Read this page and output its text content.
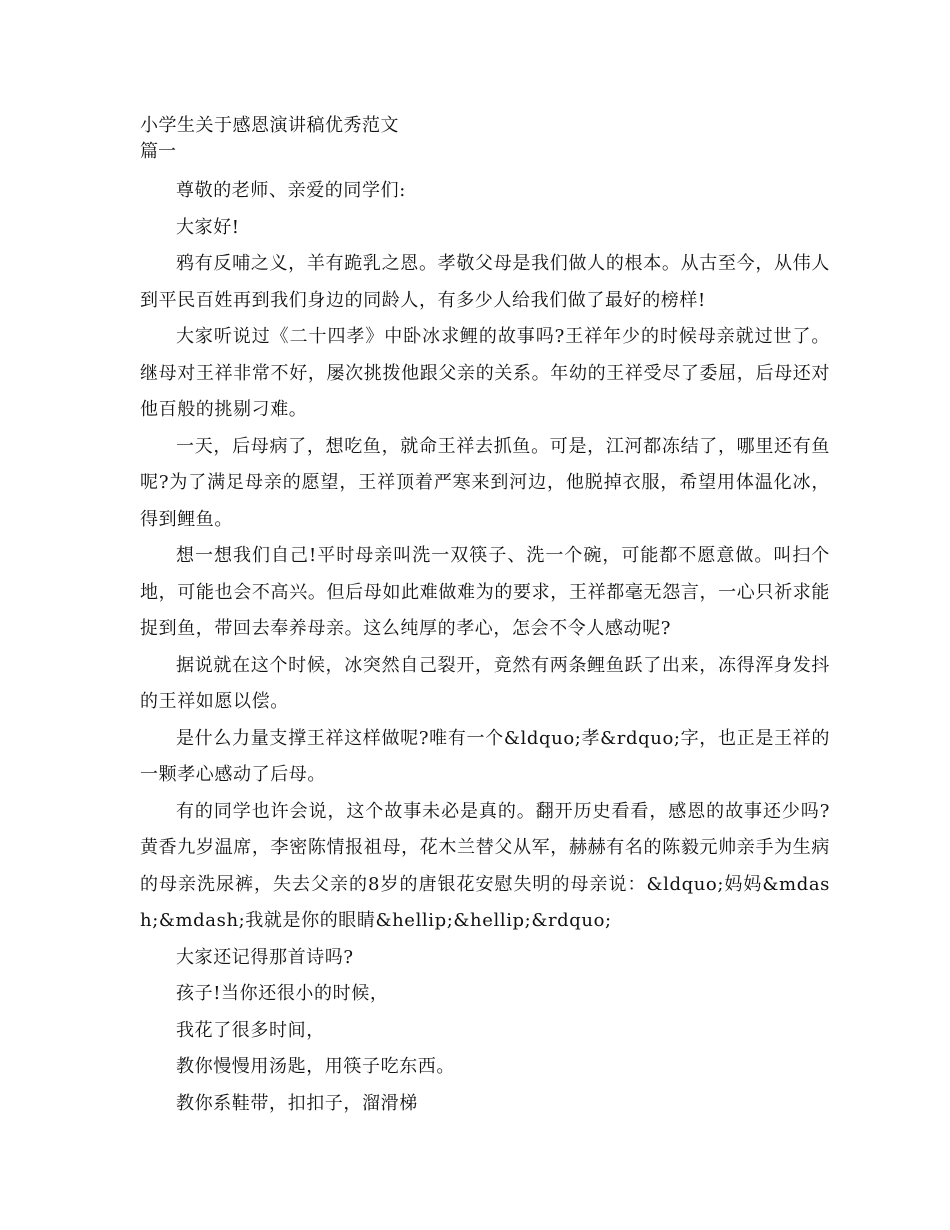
小学生关于感恩演讲稿优秀范文

篇一

尊敬的老师、亲爱的同学们:

大家好!

鸦有反哺之义，羊有跪乳之恩。孝敬父母是我们做人的根本。从古至今，从伟人到平民百姓再到我们身边的同龄人，有多少人给我们做了最好的榜样!

大家听说过《二十四孝》中卧冰求鲤的故事吗?王祥年少的时候母亲就过世了。继母对王祥非常不好，屡次挑拨他跟父亲的关系。年幼的王祥受尽了委屈，后母还对他百般的挑剔刁难。

一天，后母病了，想吃鱼，就命王祥去抓鱼。可是，江河都冻结了，哪里还有鱼呢?为了满足母亲的愿望，王祥顶着严寒来到河边，他脱掉衣服，希望用体温化冰，得到鲤鱼。

想一想我们自己!平时母亲叫洗一双筷子、洗一个碗，可能都不愿意做。叫扫个地，可能也会不高兴。但后母如此难做难为的要求，王祥都毫无怨言，一心只祈求能捉到鱼，带回去奉养母亲。这么纯厚的孝心，怎会不令人感动呢?

据说就在这个时候，冰突然自己裂开，竟然有两条鲤鱼跃了出来，冻得浑身发抖的王祥如愿以偿。

是什么力量支撑王祥这样做呢?唯有一个&ldquo;孝&rdquo;字，也正是王祥的一颗孝心感动了后母。

有的同学也许会说，这个故事未必是真的。翻开历史看看，感恩的故事还少吗?黄香九岁温席，李密陈情报祖母，花木兰替父从军，赫赫有名的陈毅元帅亲手为生病的母亲洗尿裤，失去父亲的8岁的唐银花安慰失明的母亲说：&ldquo;妈妈&mdash;&mdash;我就是你的眼睛&hellip;&hellip;&rdquo;

大家还记得那首诗吗?

孩子!当你还很小的时候，

我花了很多时间，

教你慢慢用汤匙，用筷子吃东西。

教你系鞋带，扣扣子，溜滑梯
